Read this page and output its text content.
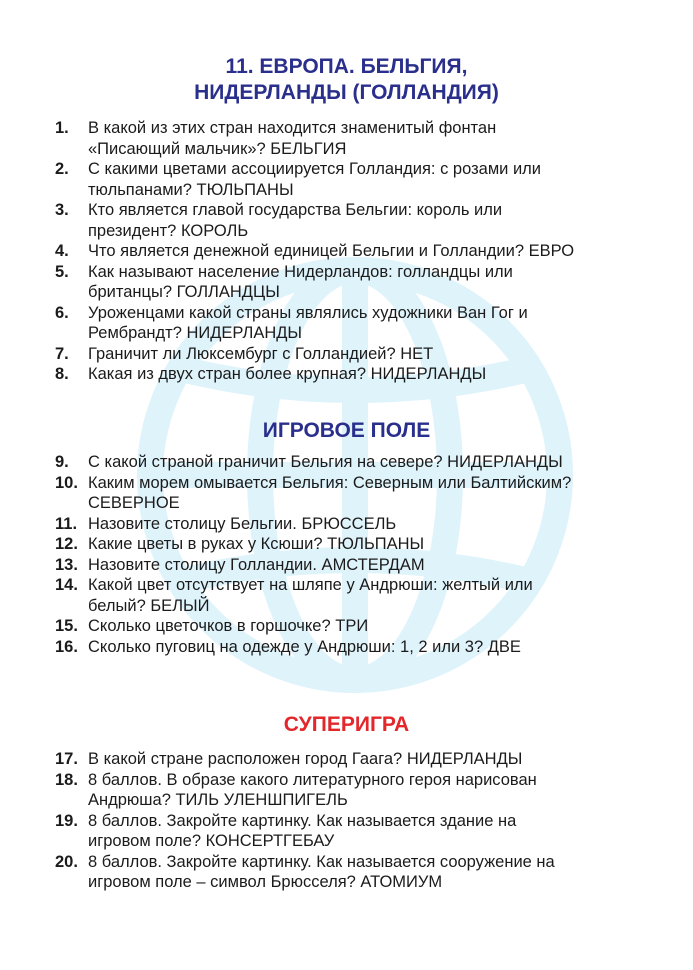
11. ЕВРОПА. БЕЛЬГИЯ,
НИДЕРЛАНДЫ (ГОЛЛАНДИЯ)
1. В какой из этих стран находится знаменитый фонтан
«Писающий мальчик»? БЕЛЬГИЯ
2. С какими цветами ассоциируется Голландия: с розами или
тюльпанами? ТЮЛЬПАНЫ
3. Кто является главой государства Бельгии: король или
президент? КОРОЛЬ
4. Что является денежной единицей Бельгии и Голландии? ЕВРО
5. Как называют население Нидерландов: голландцы или
британцы? ГОЛЛАНДЦЫ
6. Уроженцами какой страны являлись художники Ван Гог и
Рембрандт? НИДЕРЛАНДЫ
7. Граничит ли Люксембург с Голландией? НЕТ
8. Какая из двух стран более крупная? НИДЕРЛАНДЫ
ИГРОВОЕ ПОЛЕ
9. С какой страной граничит Бельгия на севере? НИДЕРЛАНДЫ
10. Каким морем омывается Бельгия: Северным или Балтийским?
СЕВЕРНОЕ
11. Назовите столицу Бельгии. БРЮССЕЛЬ
12. Какие цветы в руках у Ксюши? ТЮЛЬПАНЫ
13. Назовите столицу Голландии. АМСТЕРДАМ
14. Какой цвет отсутствует на шляпе у Андрюши: желтый или
белый? БЕЛЫЙ
15. Сколько цветочков в горшочке? ТРИ
16. Сколько пуговиц на одежде у Андрюши: 1, 2 или 3? ДВЕ
СУПЕРИГРА
17. В какой стране расположен город Гаага? НИДЕРЛАНДЫ
18. 8 баллов. В образе какого литературного героя нарисован
Андрюша? ТИЛЬ УЛЕНШПИГЕЛЬ
19. 8 баллов. Закройте картинку. Как называется здание на
игровом поле? КОНСЕРТГЕБАУ
20. 8 баллов. Закройте картинку. Как называется сооружение на
игровом поле – символ Брюсселя? АТОМИУМ
